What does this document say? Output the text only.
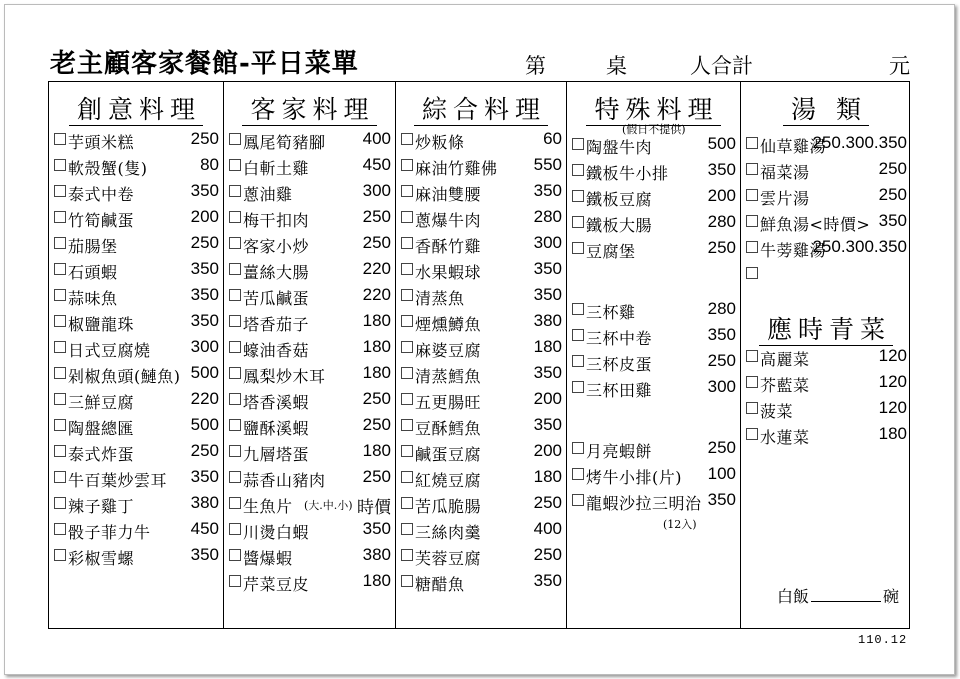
老主顧客家餐館-平日菜單	第	桌	人合計	元
創意料理
芋頭米糕	250
軟殼蟹(隻)	80
泰式中卷	350
竹筍鹹蛋	200
茄腸堡	250
石頭蝦	350
蒜味魚	350
椒鹽龍珠	350
日式豆腐燒 300
剁椒魚頭(鰱魚) 500
三鮮豆腐	220
陶盤總匯	500
泰式炸蛋	250
牛百葉炒雲耳 350
辣子雞丁	380
骰子菲力牛 450
彩椒雪螺	350
客家料理
鳳尾筍豬腳 400
白斬土雞	450
蔥油雞	300
梅干扣肉	250
客家小炒	250
薑絲大腸	220
苦瓜鹹蛋	220
塔香茄子	180
蠔油香菇	180
鳳梨炒木耳 180
塔香溪蝦	250
鹽酥溪蝦	250
九層塔蛋	180
蒜香山豬肉 250
生魚片 (大.中.小) 時價
川燙白蝦	350
醬爆蝦	380
芹菜豆皮	180
綜合料理
炒粄條	60
麻油竹雞佛 550
麻油雙腰	350
蔥爆牛肉	280
香酥竹雞	300
水果蝦球	350
清蒸魚	350
煙燻鱒魚	380
麻婆豆腐	180
清蒸鱈魚	350
五更腸旺	200
豆酥鱈魚	350
鹹蛋豆腐	200
紅燒豆腐	180
苦瓜脆腸	250
三絲肉羹	400
芙蓉豆腐	250
糖醋魚	350
特殊料理
(假日不提供)
(12入)
陶盤牛肉	500
鐵板牛小排 350
鐵板豆腐	200
鐵板大腸	280
豆腐堡	250
三杯雞	280
三杯中卷	350
三杯皮蛋	250
三杯田雞	300
月亮蝦餅	250
烤牛小排(片) 100
龍蝦沙拉三明治 350
湯 類
應時青菜
白飯	碗
仙草雞湯
250.300.350
福菜湯	250
雲片湯	250
鮮魚湯<時價> 350
牛蒡雞湯
250.300.350
高麗菜	120
芥藍菜	120
菠菜	120
水蓮菜	180
110.12
